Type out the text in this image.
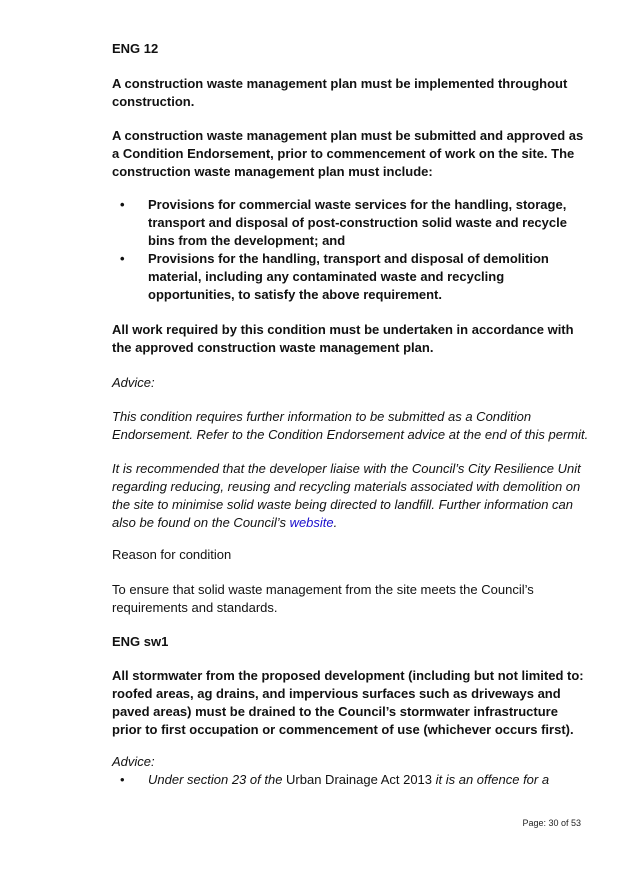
ENG 12

A construction waste management plan must be implemented throughout construction.

A construction waste management plan must be submitted and approved as a Condition Endorsement, prior to commencement of work on the site. The construction waste management plan must include:

• Provisions for commercial waste services for the handling, storage, transport and disposal of post-construction solid waste and recycle bins from the development; and
• Provisions for the handling, transport and disposal of demolition material, including any contaminated waste and recycling opportunities, to satisfy the above requirement.

All work required by this condition must be undertaken in accordance with the approved construction waste management plan.

Advice:

This condition requires further information to be submitted as a Condition Endorsement. Refer to the Condition Endorsement advice at the end of this permit.

It is recommended that the developer liaise with the Council’s City Resilience Unit regarding reducing, reusing and recycling materials associated with demolition on the site to minimise solid waste being directed to landfill. Further information can also be found on the Council’s website.

Reason for condition

To ensure that solid waste management from the site meets the Council’s requirements and standards.

ENG sw1

All stormwater from the proposed development (including but not limited to: roofed areas, ag drains, and impervious surfaces such as driveways and paved areas) must be drained to the Council’s stormwater infrastructure prior to first occupation or commencement of use (whichever occurs first).

Advice:

• Under section 23 of the Urban Drainage Act 2013 it is an offence for a
Page: 30 of 53
